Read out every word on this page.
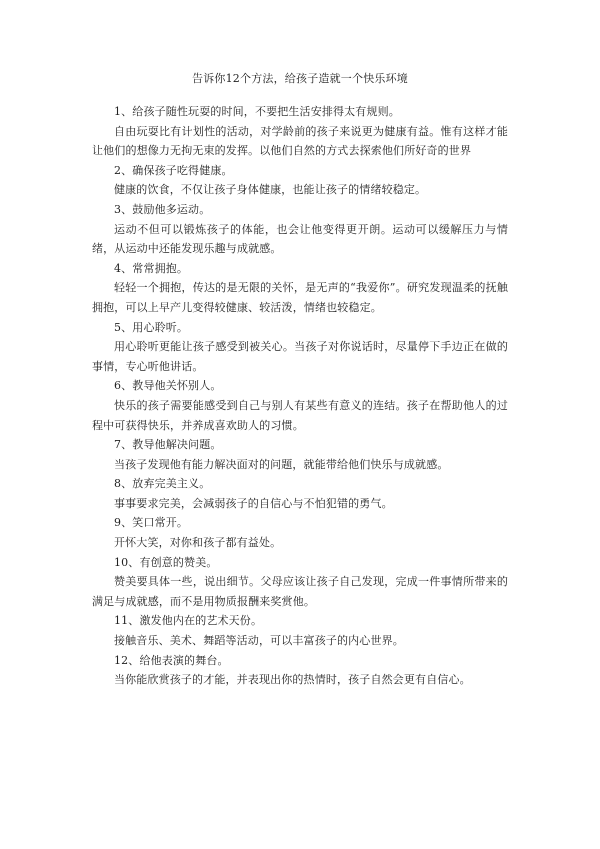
告诉你12个方法，给孩子造就一个快乐环境

1、给孩子随性玩耍的时间，不要把生活安排得太有规则。

自由玩耍比有计划性的活动，对学龄前的孩子来说更为健康有益。惟有这样才能让他们的想像力无拘无束的发挥。以他们自然的方式去探索他们所好奇的世界

2、确保孩子吃得健康。

健康的饮食，不仅让孩子身体健康，也能让孩子的情绪较稳定。

3、鼓励他多运动。

运动不但可以锻炼孩子的体能，也会让他变得更开朗。运动可以缓解压力与情绪，从运动中还能发现乐趣与成就感。

4、常常拥抱。

轻轻一个拥抱，传达的是无限的关怀，是无声的“我爱你”。研究发现温柔的抚触拥抱，可以上早产儿变得较健康、较活泼，情绪也较稳定。

5、用心聆听。

用心聆听更能让孩子感受到被关心。当孩子对你说话时，尽量停下手边正在做的事情，专心听他讲话。

6、教导他关怀别人。

快乐的孩子需要能感受到自己与别人有某些有意义的连结。孩子在帮助他人的过程中可获得快乐，并养成喜欢助人的习惯。

7、教导他解决问题。

当孩子发现他有能力解决面对的问题，就能带给他们快乐与成就感。

8、放弃完美主义。

事事要求完美，会减弱孩子的自信心与不怕犯错的勇气。

9、笑口常开。

开怀大笑，对你和孩子都有益处。

10、有创意的赞美。

赞美要具体一些，说出细节。父母应该让孩子自己发现，完成一件事情所带来的满足与成就感，而不是用物质报酬来奖赏他。

11、激发他内在的艺术天份。

接触音乐、美术、舞蹈等活动，可以丰富孩子的内心世界。

12、给他表演的舞台。

当你能欣赏孩子的才能，并表现出你的热情时，孩子自然会更有自信心。
